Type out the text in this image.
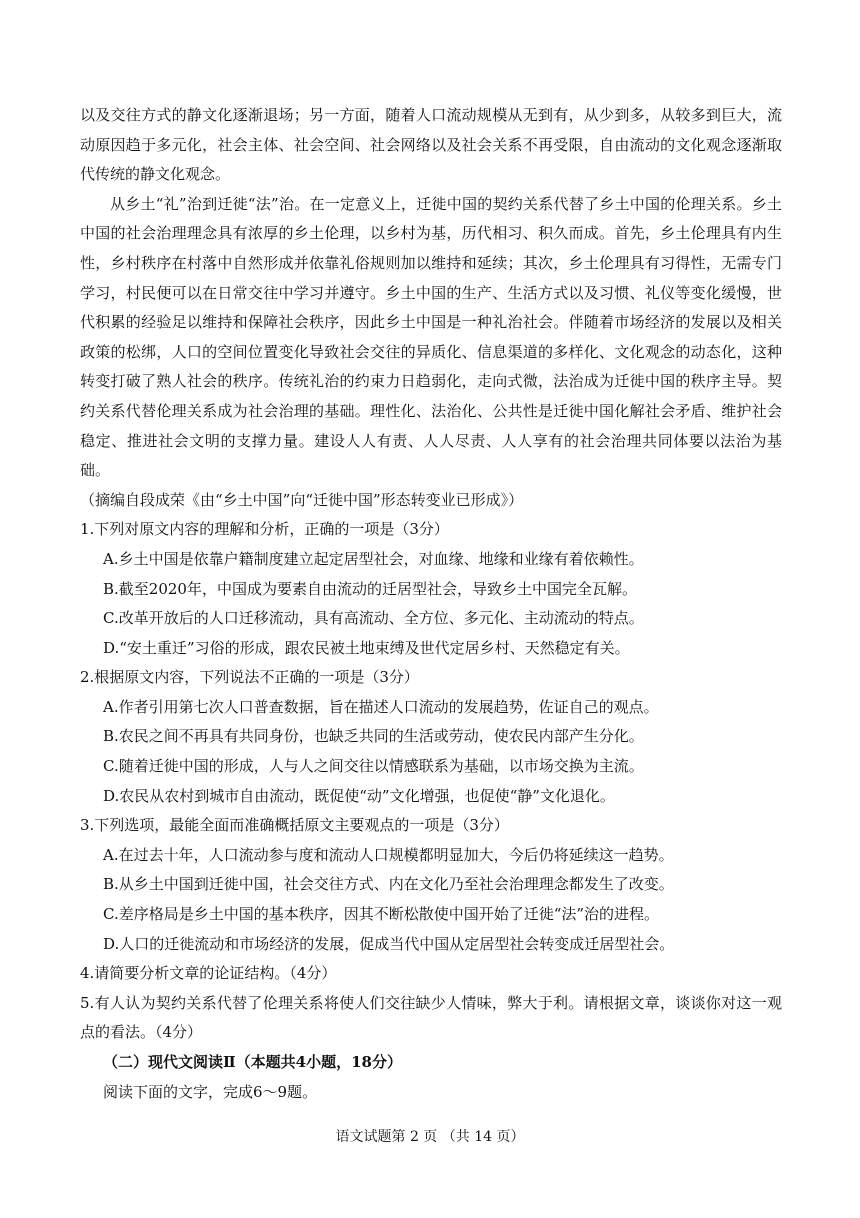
以及交往方式的静文化逐渐退场；另一方面，随着人口流动规模从无到有，从少到多，从较多到巨大，流动原因趋于多元化，社会主体、社会空间、社会网络以及社会关系不再受限，自由流动的文化观念逐渐取代传统的静文化观念。

从乡土“礼”治到迁徙“法”治。在一定意义上，迁徙中国的契约关系代替了乡土中国的伦理关系。乡土中国的社会治理理念具有浓厚的乡土伦理，以乡村为基，历代相习、积久而成。首先，乡土伦理具有内生性，乡村秩序在村落中自然形成并依靠礼俗规则加以维持和延续；其次，乡土伦理具有习得性，无需专门学习，村民便可以在日常交往中学习并遵守。乡土中国的生产、生活方式以及习惯、礼仪等变化缓慢，世代积累的经验足以维持和保障社会秩序，因此乡土中国是一种礼治社会。伴随着市场经济的发展以及相关政策的松绑，人口的空间位置变化导致社会交往的异质化、信息渠道的多样化、文化观念的动态化，这种转变打破了熟人社会的秩序。传统礼治的约束力日趋弱化，走向式微，法治成为迁徙中国的秩序主导。契约关系代替伦理关系成为社会治理的基础。理性化、法治化、公共性是迁徙中国化解社会矛盾、维护社会稳定、推进社会文明的支撑力量。建设人人有责、人人尽责、人人享有的社会治理共同体要以法治为基础。

（摘编自段成荣《由“乡土中国”向“迁徙中国”形态转变业已形成》）

1.下列对原文内容的理解和分析，正确的一项是（3分）

A.乡土中国是依靠户籍制度建立起定居型社会，对血缘、地缘和业缘有着依赖性。

B.截至2020年，中国成为要素自由流动的迁居型社会，导致乡土中国完全瓦解。

C.改革开放后的人口迁移流动，具有高流动、全方位、多元化、主动流动的特点。

D.“安土重迁”习俗的形成，跟农民被土地束缚及世代定居乡村、天然稳定有关。

2.根据原文内容，下列说法不正确的一项是（3分）

A.作者引用第七次人口普查数据，旨在描述人口流动的发展趋势，佐证自己的观点。

B.农民之间不再具有共同身份，也缺乏共同的生活或劳动，使农民内部产生分化。

C.随着迁徙中国的形成，人与人之间交往以情感联系为基础，以市场交换为主流。

D.农民从农村到城市自由流动，既促使“动”文化增强，也促使“静”文化退化。

3.下列选项，最能全面而准确概括原文主要观点的一项是（3分）

A.在过去十年，人口流动参与度和流动人口规模都明显加大，今后仍将延续这一趋势。

B.从乡土中国到迁徙中国，社会交往方式、内在文化乃至社会治理理念都发生了改变。

C.差序格局是乡土中国的基本秩序，因其不断松散使中国开始了迁徙“法”治的进程。

D.人口的迁徙流动和市场经济的发展，促成当代中国从定居型社会转变成迁居型社会。

4.请简要分析文章的论证结构。（4分）

5.有人认为契约关系代替了伦理关系将使人们交往缺少人情味，弊大于利。请根据文章，谈谈你对这一观点的看法。（4分）

（二）现代文阅读Ⅱ（本题共4小题，18分）

阅读下面的文字，完成6～9题。

语文试题第 2 页 （共 14 页）
